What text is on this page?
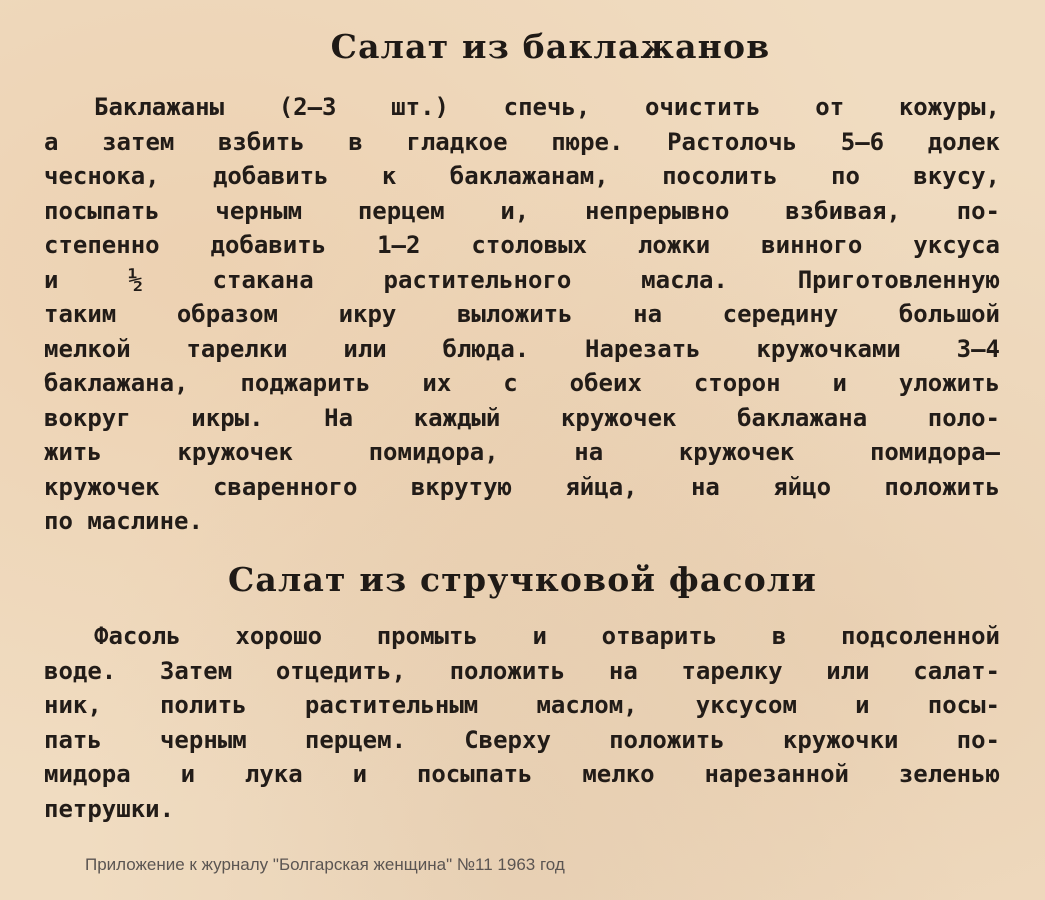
Салат из баклажанов
Баклажаны (2—3 шт.) спечь, очистить от кожуры,
а затем взбить в гладкое пюре. Растолочь 5—6 долек
чеснока, добавить к баклажанам, посолить по вкусу,
посыпать черным перцем и, непрерывно взбивая, по-
степенно добавить 1—2 столовых ложки винного уксуса
и ½ стакана растительного масла. Приготовленную
таким образом икру выложить на середину большой
мелкой тарелки или блюда. Нарезать кружочками 3—4
баклажана, поджарить их с обеих сторон и уложить
вокруг икры. На каждый кружочек баклажана поло-
жить кружочек помидора, на кружочек помидора—
кружочек сваренного вкрутую яйца, на яйцо положить
по маслине.
Салат из стручковой фасоли
Фасоль хорошо промыть и отварить в подсоленной
воде. Затем отцедить, положить на тарелку или салат-
ник, полить растительным маслом, уксусом и посы-
пать черным перцем. Сверху положить кружочки по-
мидора и лука и посыпать мелко нарезанной зеленью
петрушки.

Приложение к журналу "Болгарская женщина" №11 1963 год
